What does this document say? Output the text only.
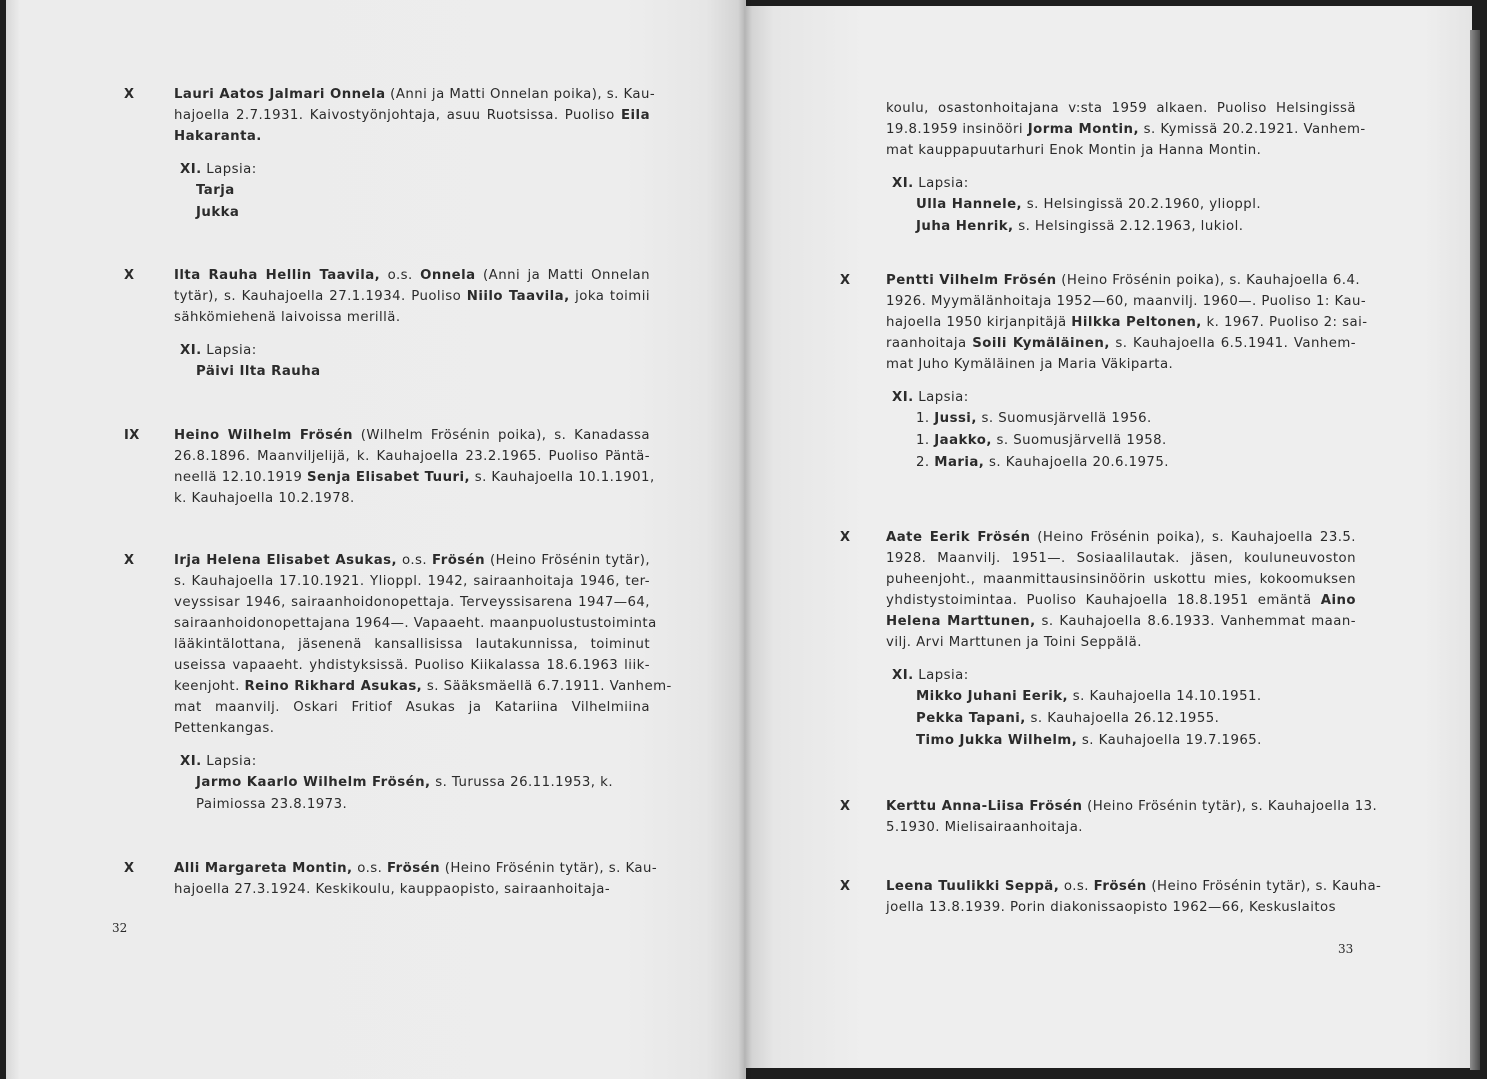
X	Lauri Aatos Jalmari Onnela (Anni ja Matti Onnelan poika), s. Kau-
hajoella 2.7.1931. Kaivostyönjohtaja, asuu Ruotsissa. Puoliso Eila
Hakaranta.
XI. Lapsia:
Tarja
Jukka
X	Ilta Rauha Hellin Taavila, o.s. Onnela (Anni ja Matti Onnelan
tytär), s. Kauhajoella 27.1.1934. Puoliso Niilo Taavila, joka toimii
sähkömiehenä laivoissa merillä.
XI. Lapsia:
Päivi Ilta Rauha
IX	Heino Wilhelm Frösén (Wilhelm Frösénin poika), s. Kanadassa
26.8.1896. Maanviljelijä, k. Kauhajoella 23.2.1965. Puoliso Päntä-
neellä 12.10.1919 Senja Elisabet Tuuri, s. Kauhajoella 10.1.1901,
k. Kauhajoella 10.2.1978.
X	Irja Helena Elisabet Asukas, o.s. Frösén (Heino Frösénin tytär),
s. Kauhajoella 17.10.1921. Ylioppl. 1942, sairaanhoitaja 1946, ter-
veyssisar 1946, sairaanhoidonopettaja. Terveyssisarena 1947—64,
sairaanhoidonopettajana 1964—. Vapaaeht. maanpuolustustoiminta
lääkintälottana, jäsenenä kansallisissa lautakunnissa, toiminut
useissa vapaaeht. yhdistyksissä. Puoliso Kiikalassa 18.6.1963 liik-
keenjoht. Reino Rikhard Asukas, s. Sääksmäellä 6.7.1911. Vanhem-
mat maanvilj. Oskari Fritiof Asukas ja Katariina Vilhelmiina
Pettenkangas.
XI. Lapsia:
Jarmo Kaarlo Wilhelm Frösén, s. Turussa 26.11.1953, k.
Paimiossa 23.8.1973.
X	Alli Margareta Montin, o.s. Frösén (Heino Frösénin tytär), s. Kau-
hajoella 27.3.1924. Keskikoulu, kauppaopisto, sairaanhoitaja-
32
koulu, osastonhoitajana v:sta 1959 alkaen. Puoliso Helsingissä
19.8.1959 insinööri Jorma Montin, s. Kymissä 20.2.1921. Vanhem-
mat kauppapuutarhuri Enok Montin ja Hanna Montin.
XI. Lapsia:
Ulla Hannele, s. Helsingissä 20.2.1960, ylioppl.
Juha Henrik, s. Helsingissä 2.12.1963, lukiol.
X	Pentti Vilhelm Frösén (Heino Frösénin poika), s. Kauhajoella 6.4.
1926. Myymälänhoitaja 1952—60, maanvilj. 1960—. Puoliso 1: Kau-
hajoella 1950 kirjanpitäjä Hilkka Peltonen, k. 1967. Puoliso 2: sai-
raanhoitaja Soili Kymäläinen, s. Kauhajoella 6.5.1941. Vanhem-
mat Juho Kymäläinen ja Maria Väkiparta.
XI. Lapsia:
1. Jussi, s. Suomusjärvellä 1956.
1. Jaakko, s. Suomusjärvellä 1958.
2. Maria, s. Kauhajoella 20.6.1975.
X	Aate Eerik Frösén (Heino Frösénin poika), s. Kauhajoella 23.5.
1928. Maanvilj. 1951—. Sosiaalilautak. jäsen, kouluneuvoston
puheenjoht., maanmittausinsinöörin uskottu mies, kokoomuksen
yhdistystoimintaa. Puoliso Kauhajoella 18.8.1951 emäntä Aino
Helena Marttunen, s. Kauhajoella 8.6.1933. Vanhemmat maan-
vilj. Arvi Marttunen ja Toini Seppälä.
XI. Lapsia:
Mikko Juhani Eerik, s. Kauhajoella 14.10.1951.
Pekka Tapani, s. Kauhajoella 26.12.1955.
Timo Jukka Wilhelm, s. Kauhajoella 19.7.1965.
X	Kerttu Anna-Liisa Frösén (Heino Frösénin tytär), s. Kauhajoella 13.
5.1930. Mielisairaanhoitaja.
X	Leena Tuulikki Seppä, o.s. Frösén (Heino Frösénin tytär), s. Kauha-
joella 13.8.1939. Porin diakonissaopisto 1962—66, Keskuslaitos
33
